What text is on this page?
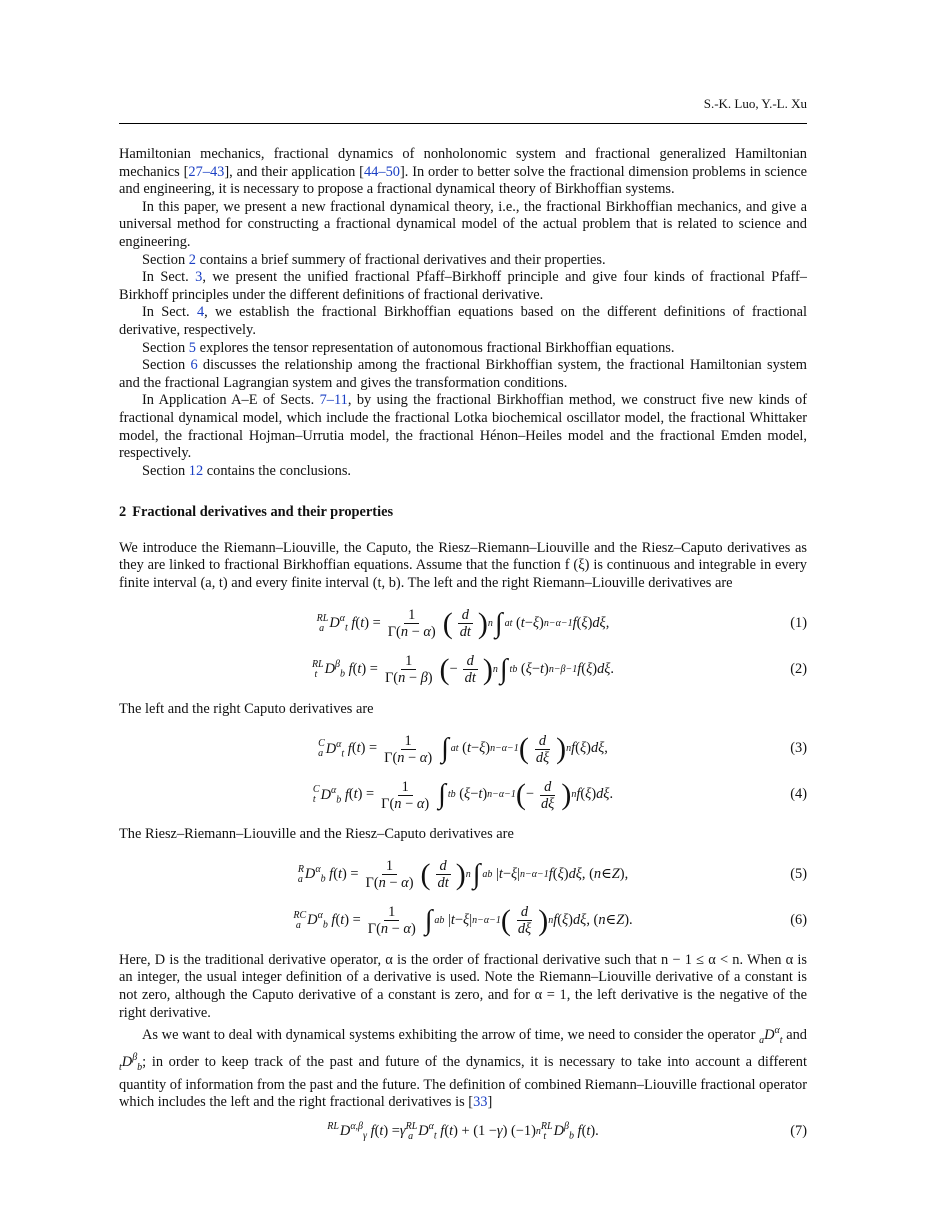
S.-K. Luo, Y.-L. Xu

Hamiltonian mechanics, fractional dynamics of nonholonomic system and fractional generalized Hamiltonian mechanics [27–43], and their application [44–50]. In order to better solve the fractional dimension problems in science and engineering, it is necessary to propose a fractional dynamical theory of Birkhoffian systems.

In this paper, we present a new fractional dynamical theory, i.e., the fractional Birkhoffian mechanics, and give a universal method for constructing a fractional dynamical model of the actual problem that is related to science and engineering.

Section 2 contains a brief summery of fractional derivatives and their properties.

In Sect. 3, we present the unified fractional Pfaff–Birkhoff principle and give four kinds of fractional Pfaff–Birkhoff principles under the different definitions of fractional derivative.

In Sect. 4, we establish the fractional Birkhoffian equations based on the different definitions of fractional derivative, respectively.

Section 5 explores the tensor representation of autonomous fractional Birkhoffian equations.

Section 6 discusses the relationship among the fractional Birkhoffian system, the fractional Hamiltonian system and the fractional Lagrangian system and gives the transformation conditions.

In Application A–E of Sects. 7–11, by using the fractional Birkhoffian method, we construct five new kinds of fractional dynamical model, which include the fractional Lotka biochemical oscillator model, the fractional Whittaker model, the fractional Hojman–Urrutia model, the fractional Hénon–Heiles model and the fractional Emden model, respectively.

Section 12 contains the conclusions.

2 Fractional derivatives and their properties

We introduce the Riemann–Liouville, the Caputo, the Riesz–Riemann–Liouville and the Riesz–Caputo derivatives as they are linked to fractional Birkhoffian equations. Assume that the function f (ξ) is continuous and integrable in every finite interval (a, t) and every finite interval (t, b). The left and the right Riemann–Liouville derivatives are

RL
a $D^\alpha_t$ f ( t ) = $\frac{1}{\Gamma(n - \alpha)}$ ( $\frac{d}{dt}$ ) n ∫ a t ( t − ξ ) n−α−1 f ( ξ ) dξ ,	(1)
RL
t $D^\beta_b$ f ( t ) = $\frac{1}{\Gamma(n - \beta)}$ ( − $\frac{d}{dt}$ ) n ∫ t b ( ξ − t ) n−β−1 f ( ξ ) dξ .	(2)

The left and the right Caputo derivatives are

C
a $D^\alpha_t$ f ( t ) = $\frac{1}{\Gamma(n - \alpha)}$ ∫ a t ( t − ξ ) n−α−1 ( $\frac{d}{d\xi}$ ) n f ( ξ ) dξ ,	(3)
C
t $D^\alpha_b$ f ( t ) = $\frac{1}{\Gamma(n - \alpha)}$ ∫ t b ( ξ − t ) n−α−1 ( − $\frac{d}{d\xi}$ ) n f ( ξ ) dξ .	(4)

The Riesz–Riemann–Liouville and the Riesz–Caputo derivatives are

R
a $D^\alpha_b$ f ( t ) = $\frac{1}{\Gamma(n - \alpha)}$ ( $\frac{d}{dt}$ ) n ∫ a b | t − ξ | n−α−1 f ( ξ ) dξ , ( n ∈ Z ),	(5)
RC
a $D^\alpha_b$ f ( t ) = $\frac{1}{\Gamma(n - \alpha)}$ ∫ a b | t − ξ | n−α−1 ( $\frac{d}{d\xi}$ ) n f ( ξ ) dξ , ( n ∈ Z ).	(6)

Here, D is the traditional derivative operator, α is the order of fractional derivative such that n − 1 ≤ α < n. When α is an integer, the usual integer definition of a derivative is used. Note the Riemann–Liouville derivative of a constant is not zero, although the Caputo derivative of a constant is zero, and for α = 1, the left derivative is the negative of the right derivative.

As we want to deal with dynamical systems exhibiting the arrow of time, we need to consider the operator $_aD^\alpha_t$ and $_tD^\beta_b$; in order to keep track of the past and future of the dynamics, it is necessary to take into account a different quantity of information from the past and the future. The definition of combined Riemann–Liouville fractional operator which includes the left and the right fractional derivatives is [33]

RL
$D^{\alpha,\beta}_\gamma$ f ( t ) = γ RL
a $D^\alpha_t$ f ( t ) + (1 − γ ) (−1) n RL
t $D^\beta_b$ f ( t ).	(7)
